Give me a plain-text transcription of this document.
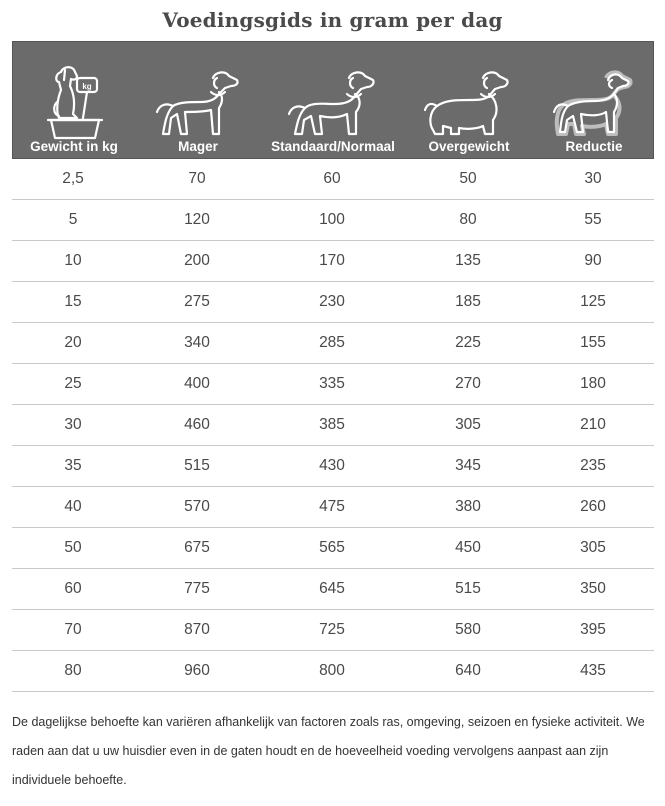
Voedingsgids in gram per dag
kg
Gewicht in kg	Mager	Standaard/Normaal	Overgewicht	Reductie
2,5	70	60	50	30
5	120	100	80	55
10	200	170	135	90
15	275	230	185	125
20	340	285	225	155
25	400	335	270	180
30	460	385	305	210
35	515	430	345	235
40	570	475	380	260
50	675	565	450	305
60	775	645	515	350
70	870	725	580	395
80	960	800	640	435
De dagelijkse behoefte kan variëren afhankelijk van factoren zoals ras, omgeving, seizoen en fysieke activiteit. We raden aan dat u uw huisdier even in de gaten houdt en de hoeveelheid voeding vervolgens aanpast aan zijn individuele behoefte.
